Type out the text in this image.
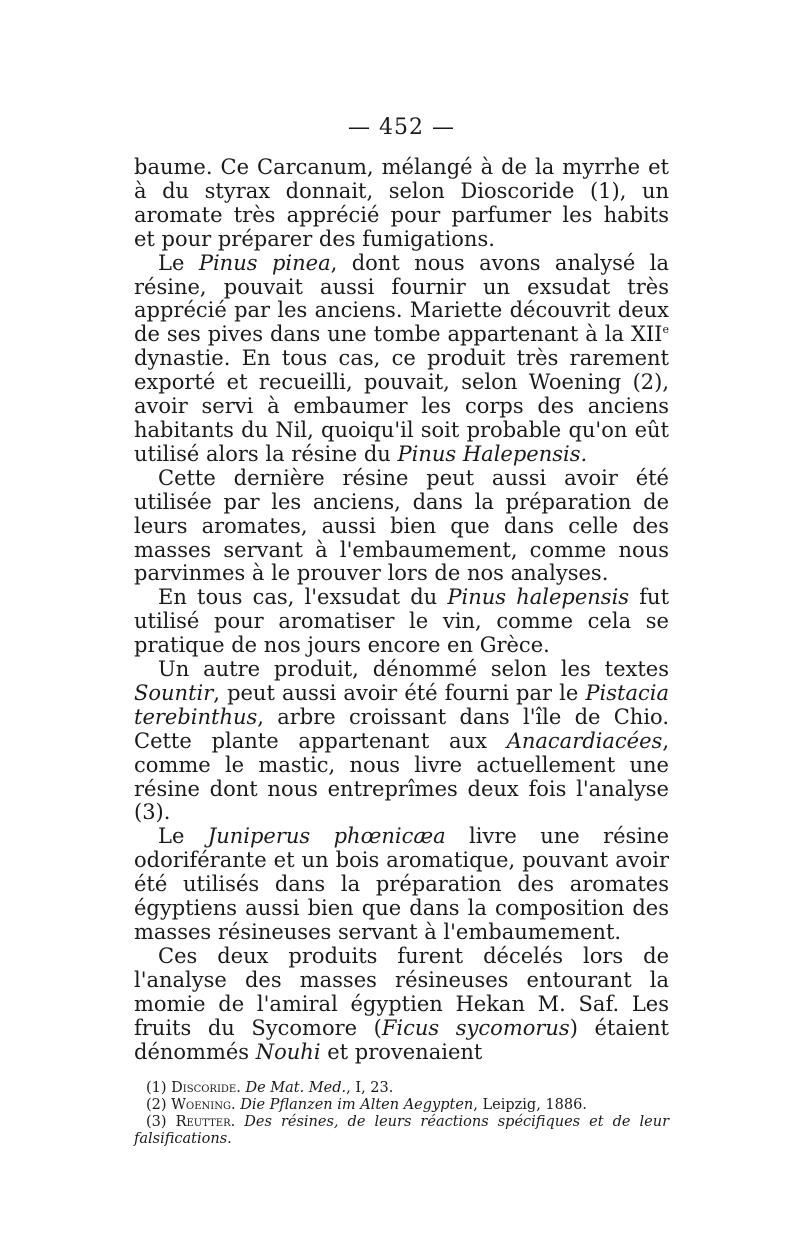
— 452 —

baume. Ce Carcanum, mélangé à de la myrrhe et à du styrax donnait, selon Dioscoride (1), un aromate très apprécié pour parfumer les habits et pour préparer des fumigations.

Le Pinus pinea, dont nous avons analysé la résine, pouvait aussi fournir un exsudat très apprécié par les anciens. Mariette découvrit deux de ses pives dans une tombe appartenant à la XIIe dynastie. En tous cas, ce produit très rarement exporté et recueilli, pouvait, selon Woening (2), avoir servi à embaumer les corps des anciens habitants du Nil, quoiqu'il soit probable qu'on eût utilisé alors la résine du Pinus Halepensis.

Cette dernière résine peut aussi avoir été utilisée par les anciens, dans la préparation de leurs aromates, aussi bien que dans celle des masses servant à l'embaumement, comme nous parvinmes à le prouver lors de nos analyses.

En tous cas, l'exsudat du Pinus halepensis fut utilisé pour aromatiser le vin, comme cela se pratique de nos jours encore en Grèce.

Un autre produit, dénommé selon les textes Sountir, peut aussi avoir été fourni par le Pistacia terebinthus, arbre croissant dans l'île de Chio. Cette plante appartenant aux Anacardiacées, comme le mastic, nous livre actuellement une résine dont nous entreprîmes deux fois l'analyse (3).

Le Juniperus phœnicæa livre une résine odoriférante et un bois aromatique, pouvant avoir été utilisés dans la préparation des aromates égyptiens aussi bien que dans la composition des masses résineuses servant à l'embaumement.

Ces deux produits furent décelés lors de l'analyse des masses résineuses entourant la momie de l'amiral égyptien Hekan M. Saf. Les fruits du Sycomore (Ficus sycomorus) étaient dénommés Nouhi et provenaient

(1) Discoride. De Mat. Med., I, 23.

(2) Woening. Die Pflanzen im Alten Aegypten, Leipzig, 1886.

(3) Reutter. Des résines, de leurs réactions spécifiques et de leur falsifications.
